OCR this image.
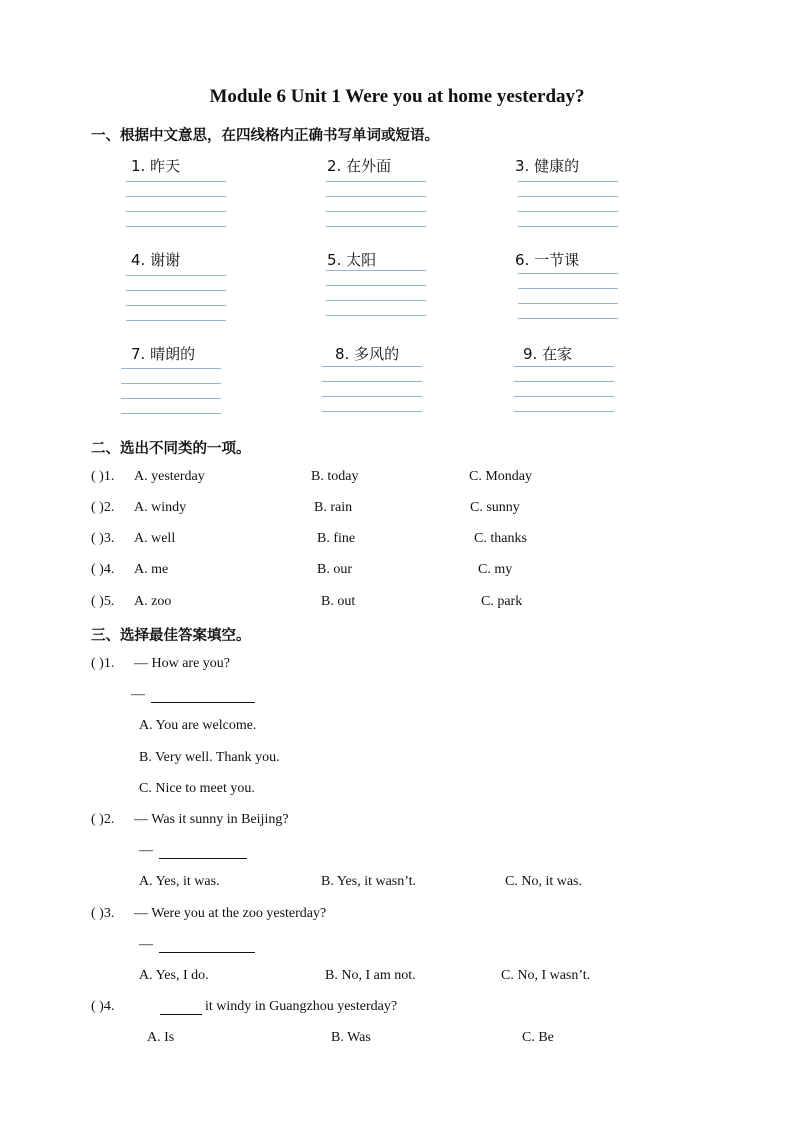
Module 6 Unit 1 Were you at home yesterday?
一、根据中文意思，在四线格内正确书写单词或短语。
1. 昨天	2. 在外面	3. 健康的
4. 谢谢	5. 太阳	6. 一节课
7. 晴朗的	8. 多风的	9. 在家
二、选出不同类的一项。
( )1. A. yesterday	B. today	C. Monday
( )2. A. windy	B. rain	C. sunny
( )3. A. well	B. fine	C. thanks
( )4. A. me	B. our	C. my
( )5. A. zoo	B. out	C. park
三、选择最佳答案填空。
( )1. — How are you?
—
A. You are welcome.
B. Very well. Thank you.
C. Nice to meet you.
( )2. — Was it sunny in Beijing?
—
A. Yes, it was.	B. Yes, it wasn’t.	C. No, it was.
( )3. — Were you at the zoo yesterday?
—
A. Yes, I do.	B. No, I am not.	C. No, I wasn’t.
( )4.	it windy in Guangzhou yesterday?
A. Is	B. Was	C. Be
